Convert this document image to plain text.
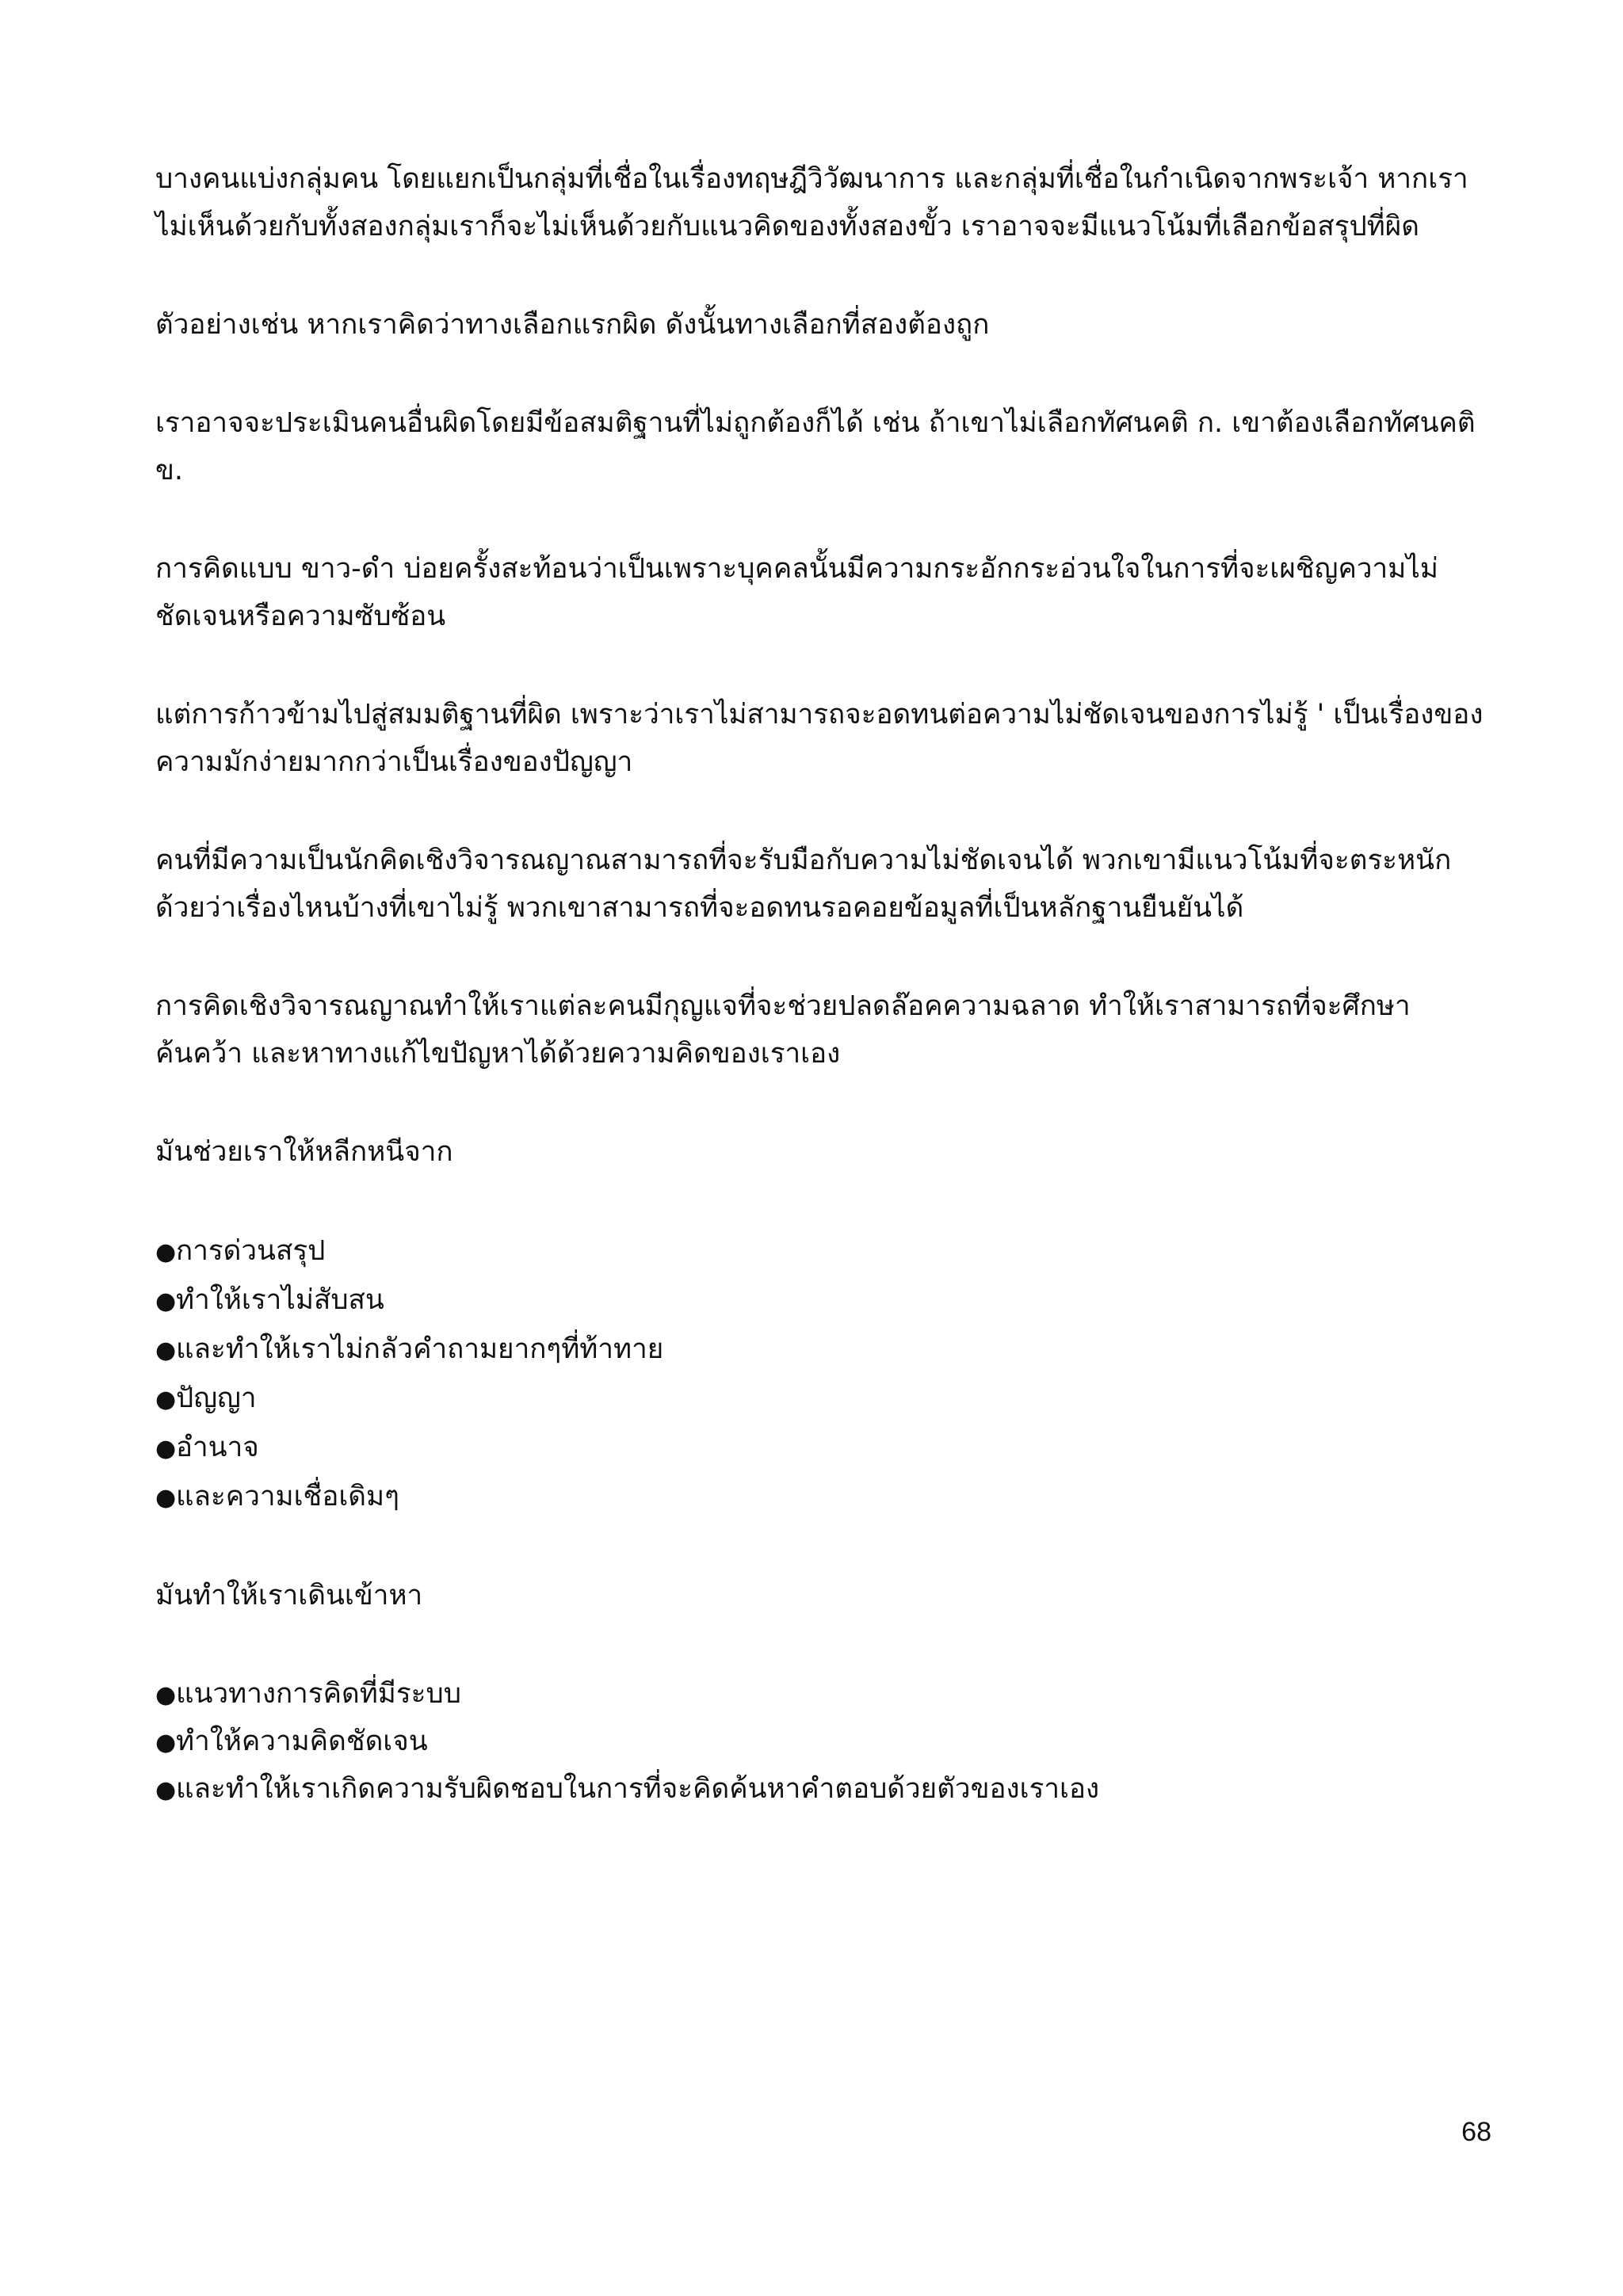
บางคนแบ่งกลุ่มคน โดยแยกเป็นกลุ่มที่เชื่อในเรื่องทฤษฎีวิวัฒนาการ และกลุ่มที่เชื่อในกำเนิดจากพระเจ้า หากเราไม่เห็นด้วยกับทั้งสองกลุ่มเราก็จะไม่เห็นด้วยกับแนวคิดของทั้งสองขั้ว เราอาจจะมีแนวโน้มที่เลือกข้อสรุปที่ผิด

ตัวอย่างเช่น หากเราคิดว่าทางเลือกแรกผิด ดังนั้นทางเลือกที่สองต้องถูก

เราอาจจะประเมินคนอื่นผิดโดยมีข้อสมติฐานที่ไม่ถูกต้องก็ได้ เช่น ถ้าเขาไม่เลือกทัศนคติ ก. เขาต้องเลือกทัศนคติ ข.

การคิดแบบ ขาว-ดำ บ่อยครั้งสะท้อนว่าเป็นเพราะบุคคลนั้นมีความกระอักกระอ่วนใจในการที่จะเผชิญความไม่ชัดเจนหรือความซับซ้อน

แต่การก้าวข้ามไปสู่สมมติฐานที่ผิด เพราะว่าเราไม่สามารถจะอดทนต่อความไม่ชัดเจนของการไม่รู้ ' เป็นเรื่องของความมักง่ายมากกว่าเป็นเรื่องของปัญญา

คนที่มีความเป็นนักคิดเชิงวิจารณญาณสามารถที่จะรับมือกับความไม่ชัดเจนได้ พวกเขามีแนวโน้มที่จะตระหนักด้วยว่าเรื่องไหนบ้างที่เขาไม่รู้ พวกเขาสามารถที่จะอดทนรอคอยข้อมูลที่เป็นหลักฐานยืนยันได้

การคิดเชิงวิจารณญาณทำให้เราแต่ละคนมีกุญแจที่จะช่วยปลดล๊อคความฉลาด ทำให้เราสามารถที่จะศึกษา ค้นคว้า และหาทางแก้ไขปัญหาได้ด้วยความคิดของเราเอง

มันช่วยเราให้หลีกหนีจาก

●การด่วนสรุป
●ทำให้เราไม่สับสน
●และทำให้เราไม่กลัวคำถามยากๆที่ท้าทาย
●ปัญญา
●อำนาจ
●และความเชื่อเดิมๆ

มันทำให้เราเดินเข้าหา

●แนวทางการคิดที่มีระบบ
●ทำให้ความคิดชัดเจน
●และทำให้เราเกิดความรับผิดชอบในการที่จะคิดค้นหาคำตอบด้วยตัวของเราเอง
68
